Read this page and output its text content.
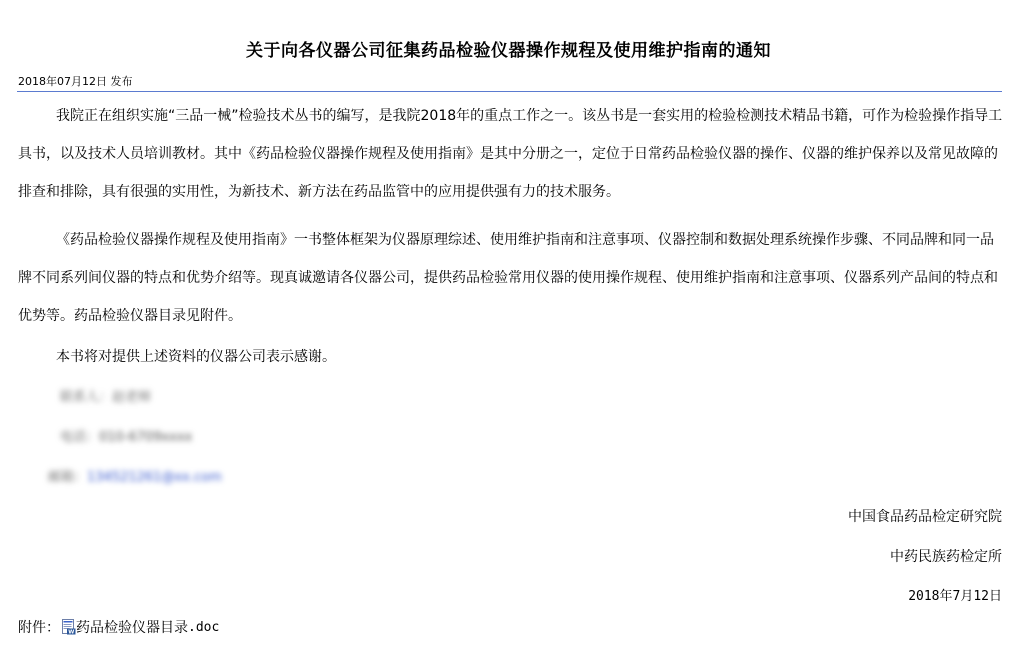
关于向各仪器公司征集药品检验仪器操作规程及使用维护指南的通知
2018年07月12日 发布

我院正在组织实施“三品一械”检验技术丛书的编写，是我院2018年的重点工作之一。该丛书是一套实用的检验检测技术精品书籍，可作为检验操作指导工具书，以及技术人员培训教材。其中《药品检验仪器操作规程及使用指南》是其中分册之一，定位于日常药品检验仪器的操作、仪器的维护保养以及常见故障的排查和排除，具有很强的实用性，为新技术、新方法在药品监管中的应用提供强有力的技术服务。

《药品检验仪器操作规程及使用指南》一书整体框架为仪器原理综述、使用维护指南和注意事项、仪器控制和数据处理系统操作步骤、不同品牌和同一品牌不同系列间仪器的特点和优势介绍等。现真诚邀请各仪器公司，提供药品检验常用仪器的使用操作规程、使用维护指南和注意事项、仪器系列产品间的特点和优势等。药品检验仪器目录见附件。

本书将对提供上述资料的仪器公司表示感谢。

联系人：赵老师
电话：010-6709xxxx
邮箱：134521261@xx.com
中国食品药品检定研究院
中药民族药检定所
2018年7月12日
附件： W 药品检验仪器目录 .doc
